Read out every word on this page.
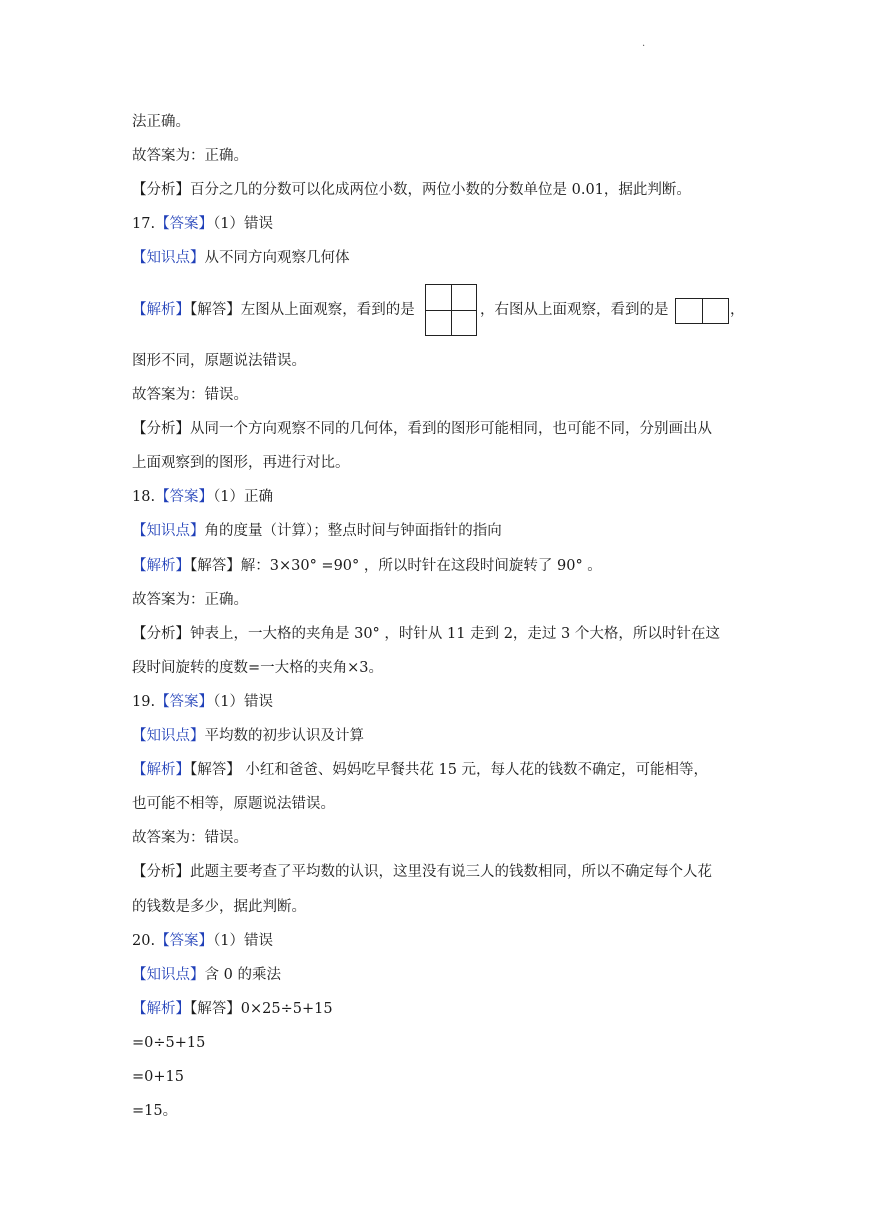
.
法正确。
故答案为：正确。
【分析】百分之几的分数可以化成两位小数，两位小数的分数单位是 0.01，据此判断。
17.【答案】（1）错误
【知识点】从不同方向观察几何体
【解析】【解答】左图从上面观察，看到的是	，右图从上面观察，看到的是	，
图形不同，原题说法错误。
故答案为：错误。
【分析】从同一个方向观察不同的几何体，看到的图形可能相同，也可能不同，分别画出从
上面观察到的图形，再进行对比。
18.【答案】（1）正确
【知识点】角的度量（计算）；整点时间与钟面指针的指向
【解析】【解答】解：3×30° =90° ，所以时针在这段时间旋转了 90° 。
故答案为：正确。
【分析】钟表上，一大格的夹角是 30° ，时针从 11 走到 2，走过 3 个大格，所以时针在这
段时间旋转的度数=一大格的夹角×3。
19.【答案】（1）错误
【知识点】平均数的初步认识及计算
【解析】【解答】 小红和爸爸、妈妈吃早餐共花 15 元，每人花的钱数不确定，可能相等，
也可能不相等，原题说法错误。
故答案为：错误。
【分析】此题主要考查了平均数的认识，这里没有说三人的钱数相同，所以不确定每个人花
的钱数是多少，据此判断。
20.【答案】（1）错误
【知识点】含 0 的乘法
【解析】【解答】0×25÷5+15
=0÷5+15
=0+15
=15。
